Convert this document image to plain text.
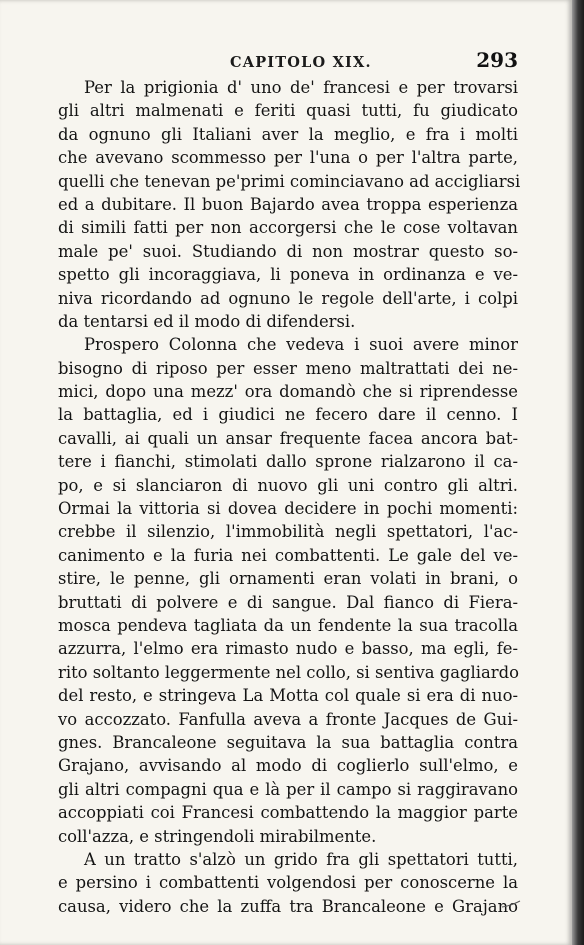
CAPITOLO XIX.	293
Per la prigionia d' uno de' francesi e per trovarsi
gli altri malmenati e feriti quasi tutti, fu giudicato
da ognuno gli Italiani aver la meglio, e fra i molti
che avevano scommesso per l'una o per l'altra parte,
quelli che tenevan pe'primi cominciavano ad accigliarsi
ed a dubitare. Il buon Bajardo avea troppa esperienza
di simili fatti per non accorgersi che le cose voltavan
male pe' suoi. Studiando di non mostrar questo so-
spetto gli incoraggiava, li poneva in ordinanza e ve-
niva ricordando ad ognuno le regole dell'arte, i colpi
da tentarsi ed il modo di difendersi.
Prospero Colonna che vedeva i suoi avere minor
bisogno di riposo per esser meno maltrattati dei ne-
mici, dopo una mezz' ora domandò che si riprendesse
la battaglia, ed i giudici ne fecero dare il cenno. I
cavalli, ai quali un ansar frequente facea ancora bat-
tere i fianchi, stimolati dallo sprone rialzarono il ca-
po, e si slanciaron di nuovo gli uni contro gli altri.
Ormai la vittoria si dovea decidere in pochi momenti:
crebbe il silenzio, l'immobilità negli spettatori, l'ac-
canimento e la furia nei combattenti. Le gale del ve-
stire, le penne, gli ornamenti eran volati in brani, o
bruttati di polvere e di sangue. Dal fianco di Fiera-
mosca pendeva tagliata da un fendente la sua tracolla
azzurra, l'elmo era rimasto nudo e basso, ma egli, fe-
rito soltanto leggermente nel collo, si sentiva gagliardo
del resto, e stringeva La Motta col quale si era di nuo-
vo accozzato. Fanfulla aveva a fronte Jacques de Gui-
gnes. Brancaleone seguitava la sua battaglia contra
Grajano, avvisando al modo di coglierlo sull'elmo, e
gli altri compagni qua e là per il campo si raggiravano
accoppiati coi Francesi combattendo la maggior parte
coll'azza, e stringendoli mirabilmente.
A un tratto s'alzò un grido fra gli spettatori tutti,
e persino i combattenti volgendosi per conoscerne la
causa, videro che la zuffa tra Brancaleone e Grajano
